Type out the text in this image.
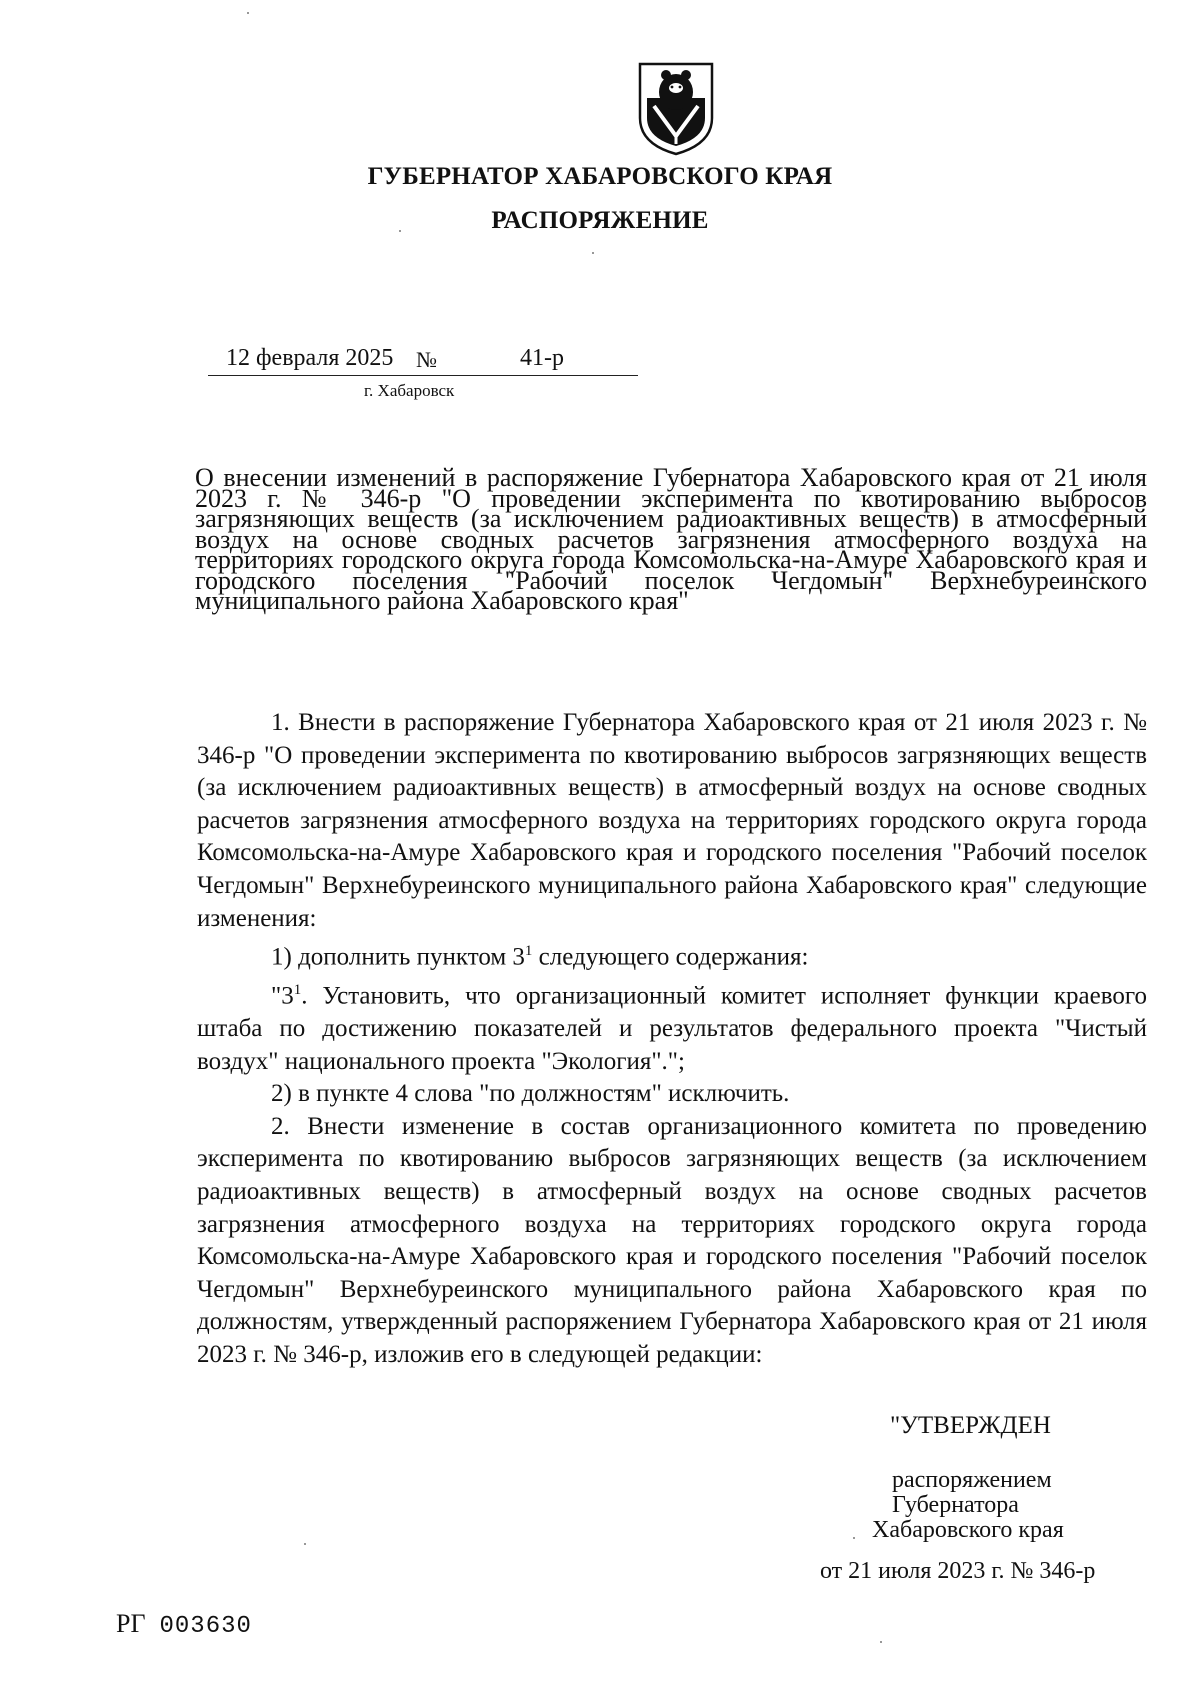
ГУБЕРНАТОР ХАБАРОВСКОГО КРАЯ
РАСПОРЯЖЕНИЕ
12 февраля 2025 №	41-р
г. Хабаровск
О внесении изменений в распоряжение Губернатора Хабаровского края от 21 июля 2023 г. № 346-р "О проведении эксперимента по квотированию выбросов загрязняющих веществ (за исключением радиоактивных веществ) в атмосферный воздух на основе сводных расчетов загрязнения атмосферного воздуха на территориях городского округа города Комсомольска-на-Амуре Хабаровского края и городского поселения "Рабочий поселок Чегдомын" Верхнебуреинского муниципального района Хабаровского края"

1. Внести в распоряжение Губернатора Хабаровского края от 21 июля 2023 г. № 346-р "О проведении эксперимента по квотированию выбросов загрязняющих веществ (за исключением радиоактивных веществ) в атмосферный воздух на основе сводных расчетов загрязнения атмосферного воздуха на территориях городского округа города Комсомольска-на-Амуре Хабаровского края и городского поселения "Рабочий поселок Чегдомын" Верхнебуреинского муниципального района Хабаровского края" следующие изменения:

1) дополнить пунктом $3^1$ следующего содержания:

"$3^1$. Установить, что организационный комитет исполняет функции краевого штаба по достижению показателей и результатов федерального проекта "Чистый воздух" национального проекта "Экология".";

2) в пункте 4 слова "по должностям" исключить.

2. Внести изменение в состав организационного комитета по проведению эксперимента по квотированию выбросов загрязняющих веществ (за исключением радиоактивных веществ) в атмосферный воздух на основе сводных расчетов загрязнения атмосферного воздуха на территориях городского округа города Комсомольска-на-Амуре Хабаровского края и городского поселения "Рабочий поселок Чегдомын" Верхнебуреинского муниципального района Хабаровского края по должностям, утвержденный распоряжением Губернатора Хабаровского края от 21 июля 2023 г. № 346-р, изложив его в следующей редакции:

"УТВЕРЖДЕН
распоряжением
Губернатора
Хабаровского края
от 21 июля 2023 г. № 346-р
РГ 003630
